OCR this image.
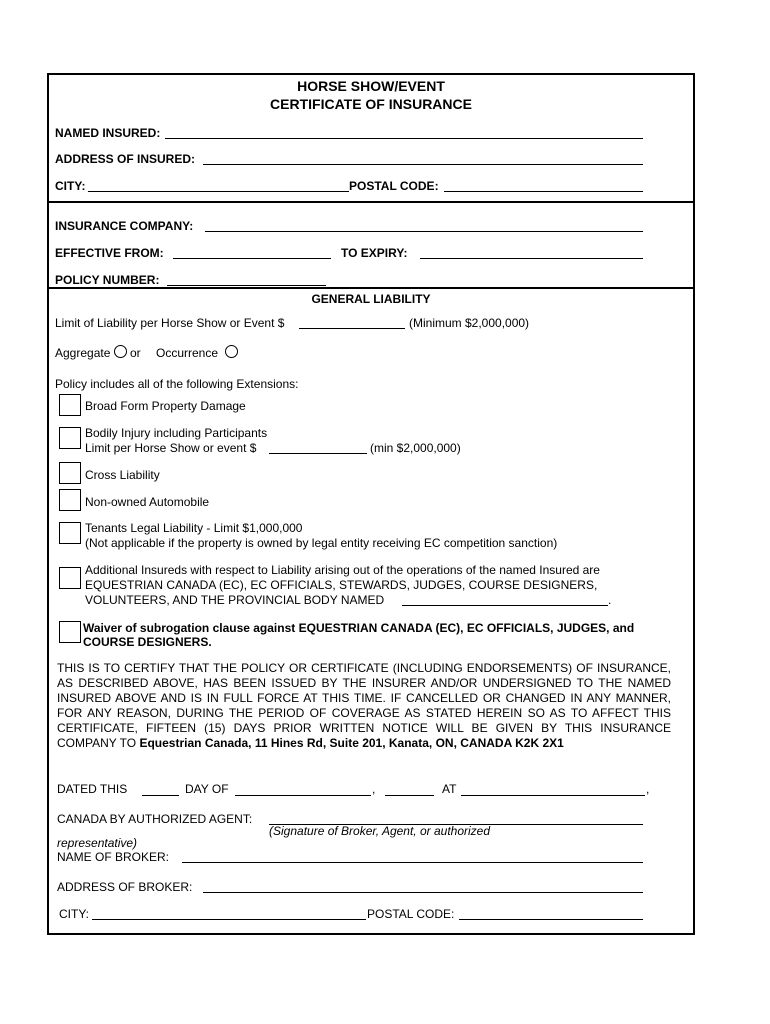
HORSE SHOW/EVENT
CERTIFICATE OF INSURANCE
NAMED INSURED:
ADDRESS OF INSURED:
CITY:	POSTAL CODE:
INSURANCE COMPANY:
EFFECTIVE FROM:	TO EXPIRY:
POLICY NUMBER:
GENERAL LIABILITY
Limit of Liability per Horse Show or Event $	(Minimum $2,000,000)
Aggregate or Occurrence
Policy includes all of the following Extensions:
Broad Form Property Damage
Bodily Injury including Participants
Limit per Horse Show or event $	(min $2,000,000)
Cross Liability
Non-owned Automobile
Tenants Legal Liability - Limit $1,000,000
(Not applicable if the property is owned by legal entity receiving EC competition sanction)
Additional Insureds with respect to Liability arising out of the operations of the named Insured are
EQUESTRIAN CANADA (EC), EC OFFICIALS, STEWARDS, JUDGES, COURSE DESIGNERS,
VOLUNTEERS, AND THE PROVINCIAL BODY NAMED	.
Waiver of subrogation clause against EQUESTRIAN CANADA (EC), EC OFFICIALS, JUDGES, and
COURSE DESIGNERS.
THIS IS TO CERTIFY THAT THE POLICY OR CERTIFICATE (INCLUDING ENDORSEMENTS) OF INSURANCE, AS DESCRIBED ABOVE, HAS BEEN ISSUED BY THE INSURER AND/OR UNDERSIGNED TO THE NAMED INSURED ABOVE AND IS IN FULL FORCE AT THIS TIME. IF CANCELLED OR CHANGED IN ANY MANNER, FOR ANY REASON, DURING THE PERIOD OF COVERAGE AS STATED HEREIN SO AS TO AFFECT THIS CERTIFICATE, FIFTEEN (15) DAYS PRIOR WRITTEN NOTICE WILL BE GIVEN BY THIS INSURANCE COMPANY TO Equestrian Canada, 11 Hines Rd, Suite 201, Kanata, ON, CANADA K2K 2X1
DATED THIS	DAY OF	,	AT	,
CANADA BY AUTHORIZED AGENT:
(Signature of Broker, Agent, or authorized
representative)
NAME OF BROKER:
ADDRESS OF BROKER:
CITY:	POSTAL CODE:
